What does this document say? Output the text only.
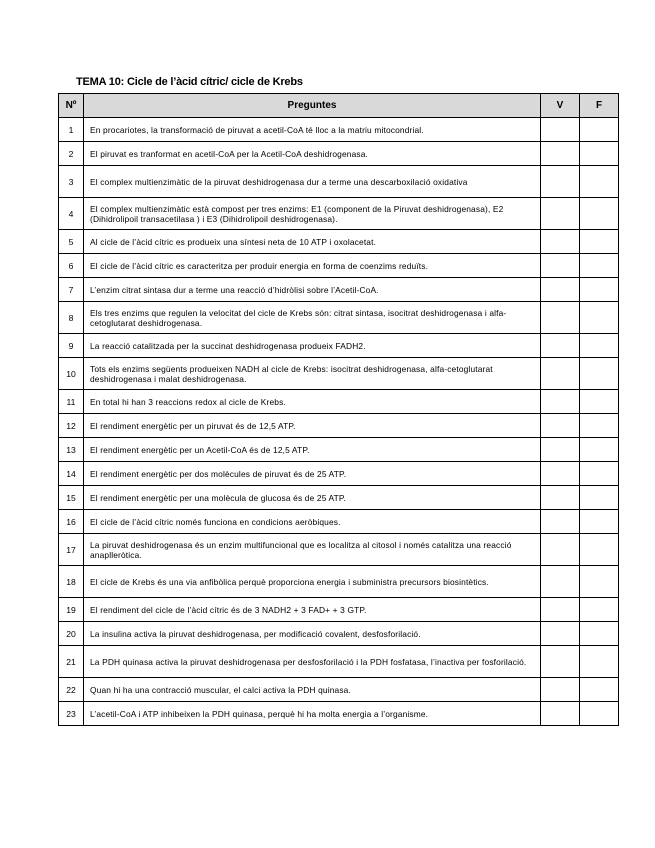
TEMA 10: Cicle de l’àcid cítric/ cicle de Krebs
Nº	Preguntes	V	F
1	En procariotes, la transformació de piruvat a acetil-CoA té lloc a la matriu mitocondrial.	

2	El piruvat es tranformat en acetil-CoA per la Acetil-CoA deshidrogenasa.	

3	El complex multienzimàtic de la piruvat deshidrogenasa dur a terme una descarboxilació oxidativa	

4	El complex multienzimàtic està compost per tres enzims: E1 (component de la Piruvat deshidrogenasa), E2 (Dihidrolipoil transacetilasa ) i E3 (Dihidrolipoil deshidrogenasa).	

5	Al cicle de l’àcid cítric es produeix una síntesi neta de 10 ATP i oxolacetat.	

6	El cicle de l’àcid cítric es caracteritza per produir energia en forma de coenzims reduïts.	

7	L’enzim citrat sintasa dur a terme una reacció d’hidròlisi sobre l’Acetil-CoA.	

8	Els tres enzims que regulen la velocitat del cicle de Krebs són: citrat sintasa, isocitrat deshidrogenasa i alfa-cetoglutarat deshidrogenasa.	

9	La reacció catalitzada per la succinat deshidrogenasa produeix FADH2.	

10	Tots els enzims següents produeixen NADH al cicle de Krebs: isocitrat deshidrogenasa, alfa-cetoglutarat deshidrogenasa i malat deshidrogenasa.	

11	En total hi han 3 reaccions redox al cicle de Krebs.	

12	El rendiment energètic per un piruvat és de 12,5 ATP.	

13	El rendiment energètic per un Acetil-CoA és de 12,5 ATP.	

14	El rendiment energètic per dos molècules de piruvat és de 25 ATP.	

15	El rendiment energètic per una molècula de glucosa és de 25 ATP.	

16	El cicle de l’àcid cítric només funciona en condicions aeròbiques.	

17	La piruvat deshidrogenasa és un enzim multifuncional que es localitza al citosol i només catalitza una reacció anaplleròtica.	

18	El cicle de Krebs és una via anfibòlica perquè proporciona energia i subministra precursors biosintètics.	

19	El rendiment del cicle de l’àcid cítric és de 3 NADH2 + 3 FAD+ + 3 GTP.	

20	La insulina activa la piruvat deshidrogenasa, per modificació covalent, desfosforilació.	

21	La PDH quinasa activa la piruvat deshidrogenasa per desfosforilació i la PDH fosfatasa, l’inactiva per fosforilació.	

22	Quan hi ha una contracció muscular, el calci activa la PDH quinasa.	

23	L’acetil-CoA i ATP inhibeixen la PDH quinasa, perquè hi ha molta energia a l’organisme.	
